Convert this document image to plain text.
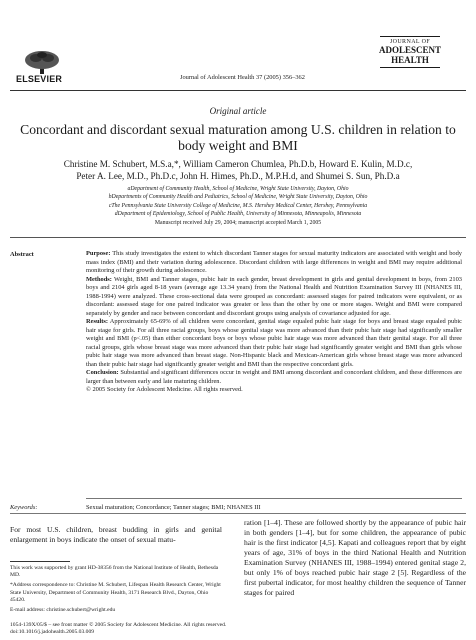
ELSEVIER	Journal of Adolescent Health 37 (2005) 356–362
JOURNAL OF
ADOLESCENT
HEALTH
Original article
Concordant and discordant sexual maturation among U.S. children in relation to body weight and BMI
Christine M. Schubert, M.S.a,*, William Cameron Chumlea, Ph.D.b, Howard E. Kulin, M.D.c,
Peter A. Lee, M.D., Ph.D.c, John H. Himes, Ph.D., M.P.H.d, and Shumei S. Sun, Ph.D.a
aDepartment of Community Health, School of Medicine, Wright State University, Dayton, Ohio
bDepartments of Community Health and Pediatrics, School of Medicine, Wright State University, Dayton, Ohio
cThe Pennsylvania State University College of Medicine, M.S. Hershey Medical Center, Hershey, Pennsylvania
dDepartment of Epidemiology, School of Public Health, University of Minnesota, Minneapolis, Minnesota
Manuscript received July 29, 2004; manuscript accepted March 1, 2005
Abstract	Purpose: This study investigates the extent to which discordant Tanner stages for sexual maturity indicators are associated with weight and body mass index (BMI) and their variation during adolescence. Discordant children with large differences in weight and BMI may require additional monitoring of their growth during adolescence.

Methods: Weight, BMI and Tanner stages, pubic hair in each gender, breast development in girls and genital development in boys, from 2103 boys and 2104 girls aged 8-18 years (average age 13.34 years) from the National Health and Nutrition Examination Survey III (NHANES III, 1988-1994) were analyzed. These cross-sectional data were grouped as concordant: assessed stages for paired indicators were equivalent, or as discordant: assessed stage for one paired indicator was greater or less than the other by one or more stages. Weight and BMI were compared separately by gender and race between concordant and discordant groups using analysis of covariance adjusted for age.

Results: Approximately 65-69% of all children were concordant, genital stage equaled pubic hair stage for boys and breast stage equaled pubic hair stage for girls. For all three racial groups, boys whose genital stage was more advanced than their pubic hair stage had significantly smaller weight and BMI (p<.05) than either concordant boys or boys whose pubic hair stage was more advanced than their genital stage. For all three racial groups, girls whose breast stage was more advanced than their pubic hair stage had significantly greater weight and BMI than girls whose pubic hair stage was more advanced than breast stage. Non-Hispanic black and Mexican-American girls whose breast stage was more advanced than their pubic hair stage had significantly greater weight and BMI than the respective concordant girls.

Conclusion: Substantial and significant differences occur in weight and BMI among discordant and concordant children, and these differences are larger than between early and late maturing children.

© 2005 Society for Adolescent Medicine. All rights reserved.

Keywords:	Sexual maturation; Concordance; Tanner stages; BMI; NHANES III
For most U.S. children, breast budding in girls and genital enlargement in boys indicate the onset of sexual matu-
ration [1–4]. These are followed shortly by the appearance of pubic hair in both genders [1–4], but for some children, the appearance of pubic hair is the first indicator [4,5]. Kapati and colleagues report that by eight years of age, 31% of boys in the third National Health and Nutrition Examination Survey (NHANES III, 1988–1994) entered genital stage 2, but only 1% of boys reached pubic hair stage 2 [5]. Regardless of the first pubertal indicator, for most healthy children the sequence of Tanner stages for paired

This work was supported by grant HD-38356 from the National Institute of Health, Bethesda MD.

*Address correspondence to: Christine M. Schubert, Lifespan Health Research Center, Wright State University, Department of Community Health, 3171 Research Blvd., Dayton, Ohio 45420.

E-mail address: christine.schubert@wright.edu

1054-139X/05/$ – see front matter © 2005 Society for Adolescent Medicine. All rights reserved.
doi:10.1016/j.jadohealth.2005.03.009
